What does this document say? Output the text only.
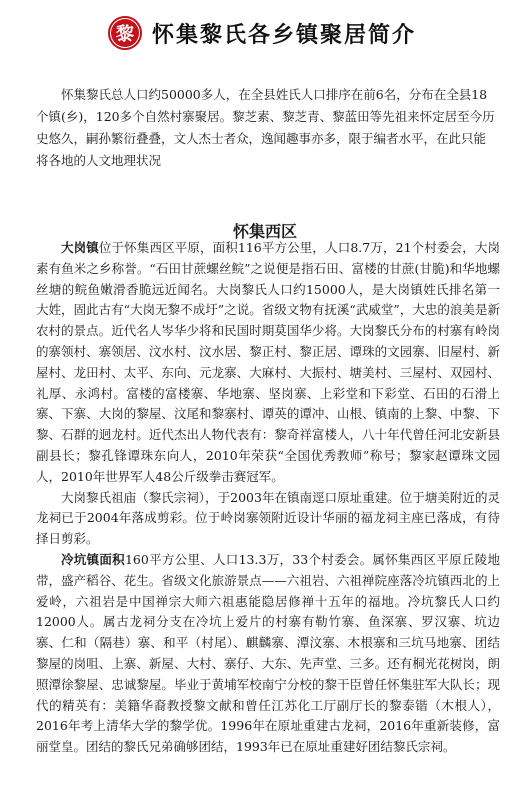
黎 怀集黎氏各乡镇聚居简介

怀集黎氏总人口约50000多人，在全县姓氏人口排序在前6名，分布在全县18个镇(乡)，120多个自然村寨聚居。黎芝素、黎芝青、黎蓝田等先祖来怀定居至今历史悠久，嗣孙繁衍叠叠，文人杰士者众，逸闻趣事亦多，限于编者水平，在此只能将各地的人文地理状况

怀集西区

大岗镇位于怀集西区平原，面积116平方公里，人口8.7万，21个村委会，大岗素有鱼米之乡称誉。“石田甘蔗螺丝鲩”之说便是指石田、富楼的甘蔗(甘脆)和华地螺丝塘的鲩鱼嫩滑香脆远近闻名。大岗黎氏人口约15000人，是大岗镇姓氏排名第一大姓，固此古有“大岗无黎不成圩”之说。省级文物有抚溪“武威堂”，大忠的浪美是新农村的景点。近代名人岑华少将和民国时期莫国华少将。大岗黎氏分布的村寨有岭岗的寨领村、寨领居、汶水村、汶水居、黎正村、黎正居、谭珠的文园寨、旧屋村、新屋村、龙田村、太平、东向、元龙寨、大麻村、大振村、塘美村、三屋村、双园村、礼厚、永鸿村。富楼的富楼寨、华地寨、坚岗寨、上彩堂和下彩堂、石田的石滑上寨、下寨、大岗的黎屋、汶尾和黎寨村、谭英的谭冲、山根、镇南的上黎、中黎、下黎、石群的迥龙村。近代杰出人物代表有：黎奇祥富楼人，八十年代曾任河北安新县副县长；黎孔锋谭珠东向人，2010年荣获“全国优秀教师”称号；黎家赵谭珠文园人，2010年世界军人48公斤级拳击赛冠军。

大岗黎氏祖庙（黎氏宗祠），于2003年在镇南逕口原址重建。位于塘美附近的灵龙祠已于2004年落成剪彩。位于岭岗寨领附近设计华丽的福龙祠主座已落成，有待择日剪彩。

冷坑镇面积160平方公里、人口13.3万，33个村委会。属怀集西区平原丘陵地带，盛产稻谷、花生。省级文化旅游景点——六祖岩、六祖禅院座落冷坑镇西北的上爱岭，六祖岩是中国禅宗大师六祖惠能隐居修禅十五年的福地。冷坑黎氏人口约12000人。属古龙祠分支在冷坑上爱片的村寨有勒竹寨、鱼深寨、罗汉寨、坑边寨、仁和（隔巷）寨、和平（村尾）、麒麟寨、潭汶寨、木根寨和三坑马地寨、团结黎屋的岗咀、上寨、新屋、大村、寨仔、大东、先声堂、三多。还有桐光花树岗，朗照潭徐黎屋、忠诚黎屋。毕业于黄埔军校南宁分校的黎干臣曾任怀集驻军大队长；现代的精英有：美籍华裔教授黎文献和曾任江苏化工厅副厅长的黎泰锴（木根人），2016年考上清华大学的黎学优。1996年在原址重建古龙祠，2016年重新装修，富丽堂皇。团结的黎氏兄弟确够团结，1993年已在原址重建好团结黎氏宗祠。
